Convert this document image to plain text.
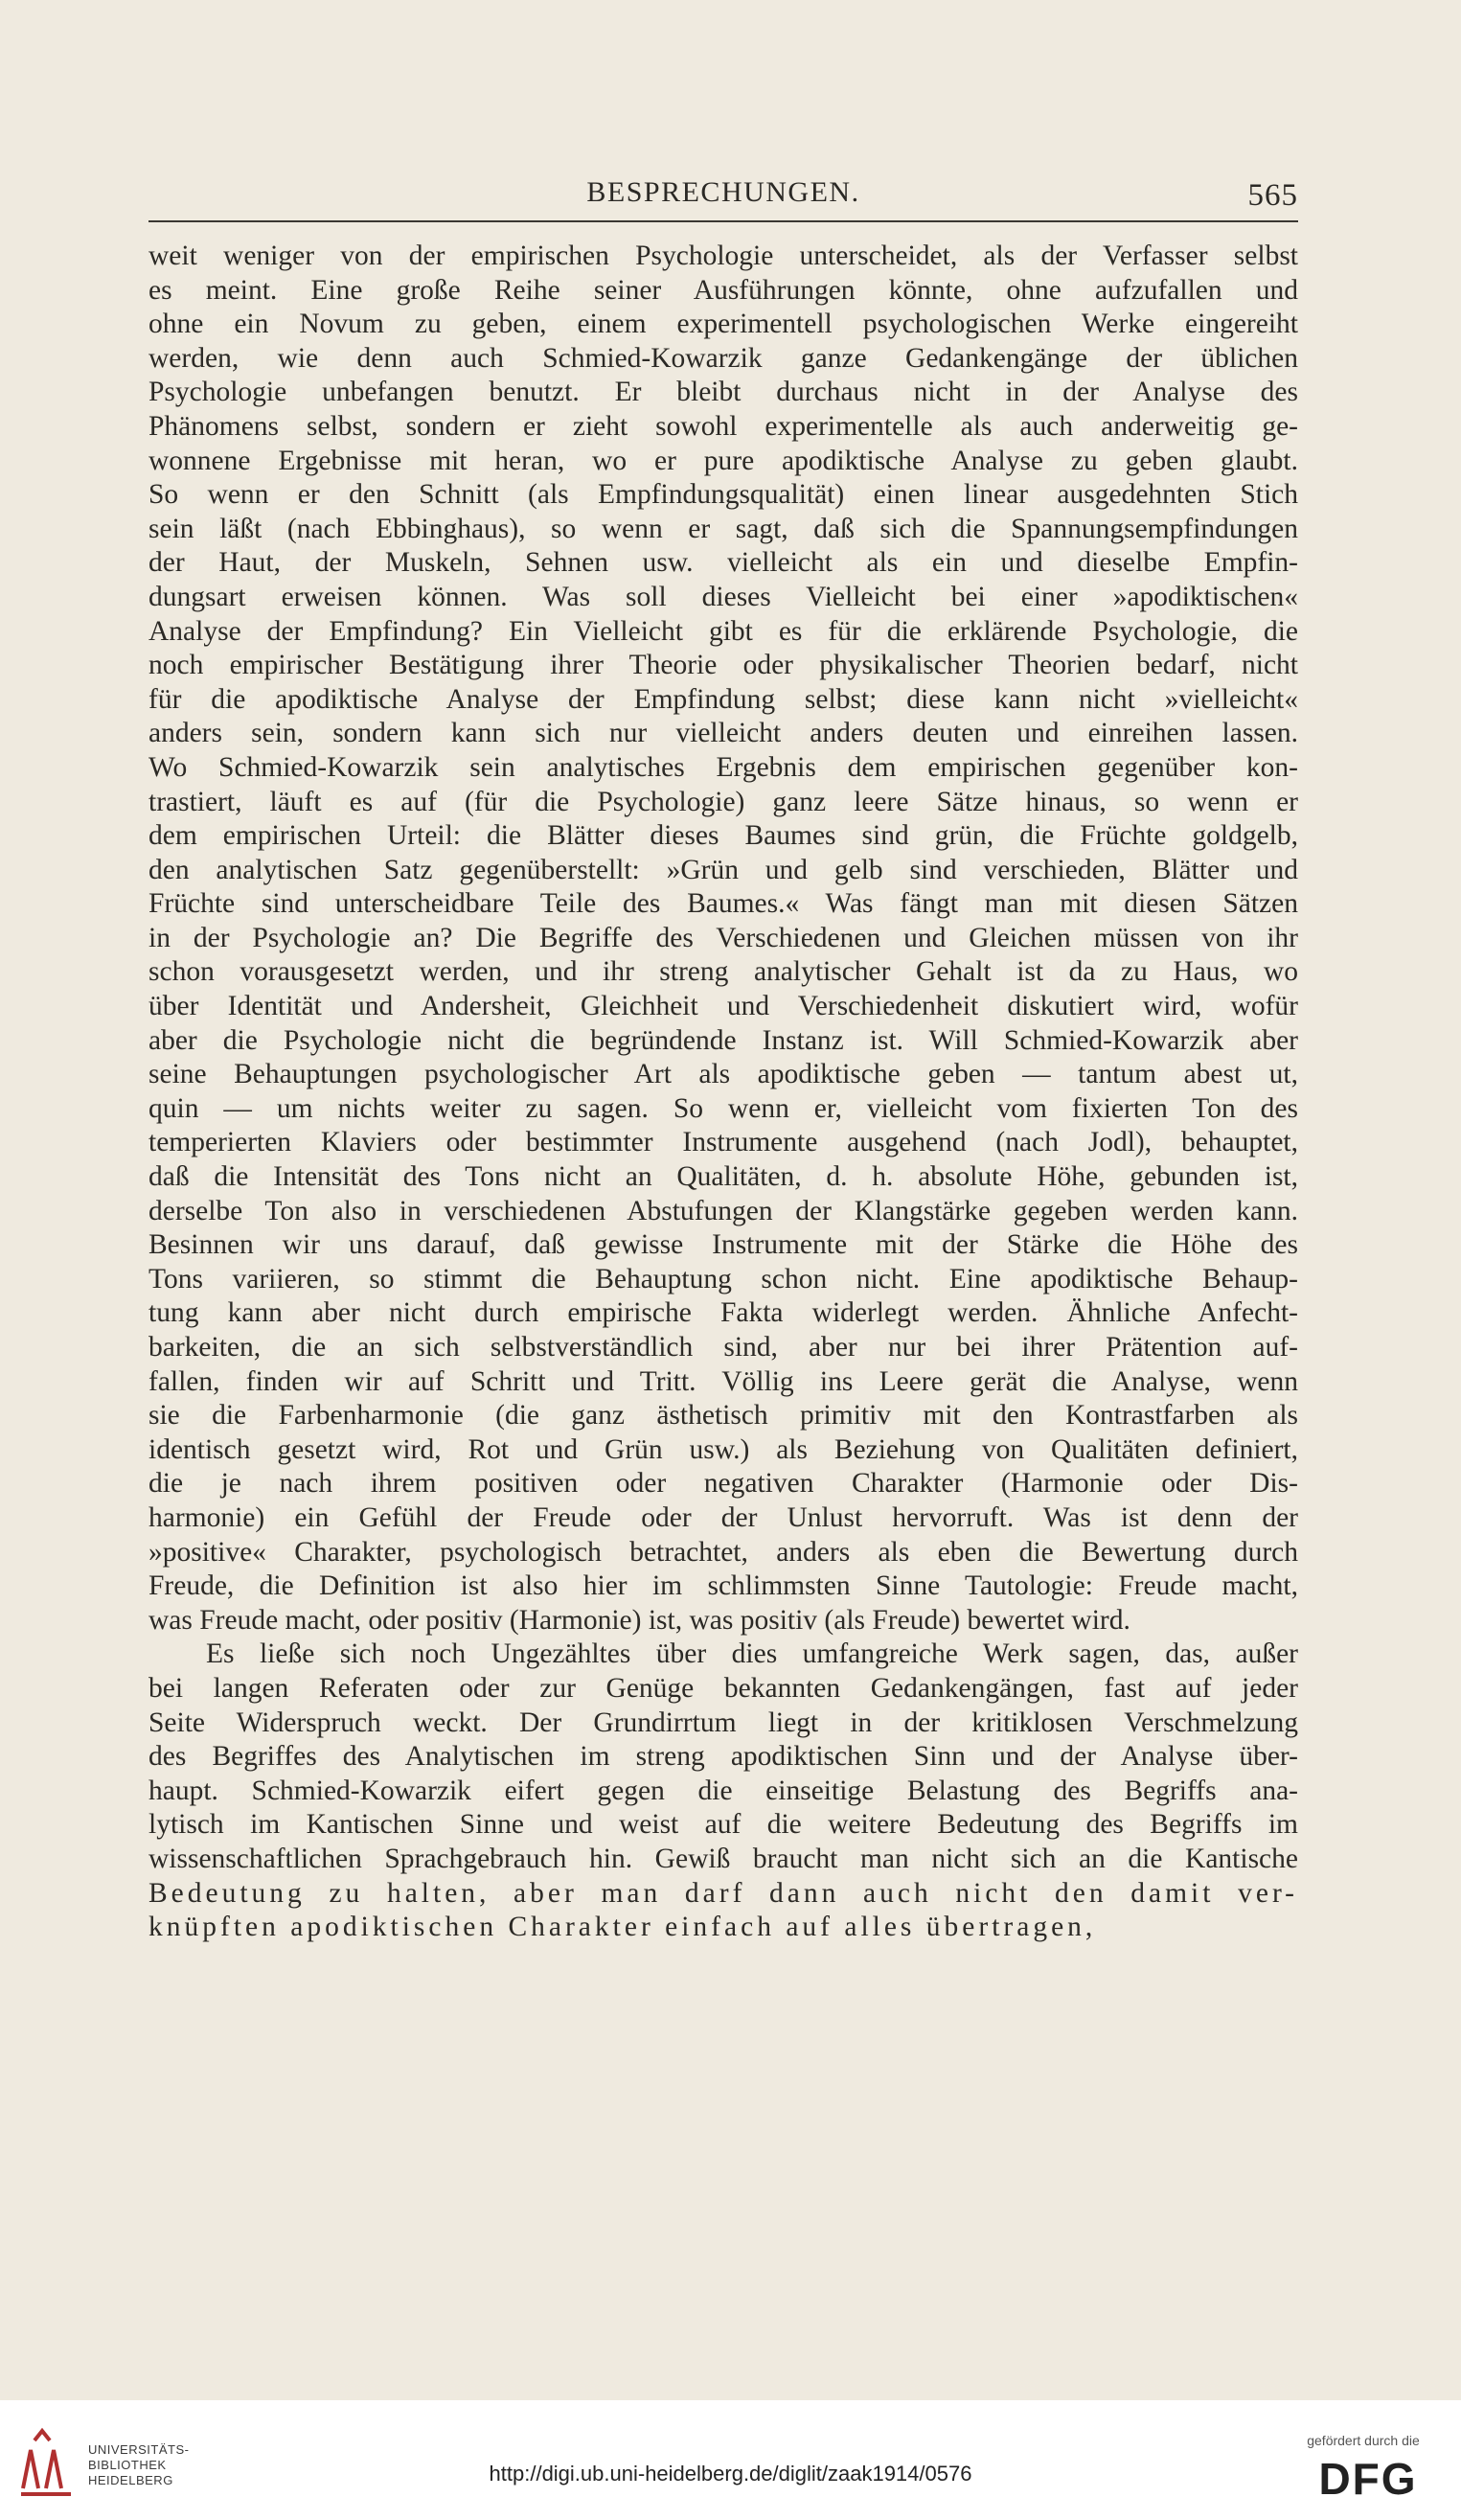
BESPRECHUNGEN.	565
weit weniger von der empirischen Psychologie unterscheidet, als der Verfasser selbst
es meint. Eine große Reihe seiner Ausführungen könnte, ohne aufzufallen und
ohne ein Novum zu geben, einem experimentell psychologischen Werke eingereiht
werden, wie denn auch Schmied-Kowarzik ganze Gedankengänge der üblichen
Psychologie unbefangen benutzt. Er bleibt durchaus nicht in der Analyse des
Phänomens selbst, sondern er zieht sowohl experimentelle als auch anderweitig ge-
wonnene Ergebnisse mit heran, wo er pure apodiktische Analyse zu geben glaubt.
So wenn er den Schnitt (als Empfindungsqualität) einen linear ausgedehnten Stich
sein läßt (nach Ebbinghaus), so wenn er sagt, daß sich die Spannungsempfindungen
der Haut, der Muskeln, Sehnen usw. vielleicht als ein und dieselbe Empfin-
dungsart erweisen können. Was soll dieses Vielleicht bei einer »apodiktischen«
Analyse der Empfindung? Ein Vielleicht gibt es für die erklärende Psychologie, die
noch empirischer Bestätigung ihrer Theorie oder physikalischer Theorien bedarf, nicht
für die apodiktische Analyse der Empfindung selbst; diese kann nicht »vielleicht«
anders sein, sondern kann sich nur vielleicht anders deuten und einreihen lassen.
Wo Schmied-Kowarzik sein analytisches Ergebnis dem empirischen gegenüber kon-
trastiert, läuft es auf (für die Psychologie) ganz leere Sätze hinaus, so wenn er
dem empirischen Urteil: die Blätter dieses Baumes sind grün, die Früchte goldgelb,
den analytischen Satz gegenüberstellt: »Grün und gelb sind verschieden, Blätter und
Früchte sind unterscheidbare Teile des Baumes.« Was fängt man mit diesen Sätzen
in der Psychologie an? Die Begriffe des Verschiedenen und Gleichen müssen von ihr
schon vorausgesetzt werden, und ihr streng analytischer Gehalt ist da zu Haus, wo
über Identität und Andersheit, Gleichheit und Verschiedenheit diskutiert wird, wofür
aber die Psychologie nicht die begründende Instanz ist. Will Schmied-Kowarzik aber
seine Behauptungen psychologischer Art als apodiktische geben — tantum abest ut,
quin — um nichts weiter zu sagen. So wenn er, vielleicht vom fixierten Ton des
temperierten Klaviers oder bestimmter Instrumente ausgehend (nach Jodl), behauptet,
daß die Intensität des Tons nicht an Qualitäten, d. h. absolute Höhe, gebunden ist,
derselbe Ton also in verschiedenen Abstufungen der Klangstärke gegeben werden kann.
Besinnen wir uns darauf, daß gewisse Instrumente mit der Stärke die Höhe des
Tons variieren, so stimmt die Behauptung schon nicht. Eine apodiktische Behaup-
tung kann aber nicht durch empirische Fakta widerlegt werden. Ähnliche Anfecht-
barkeiten, die an sich selbstverständlich sind, aber nur bei ihrer Prätention auf-
fallen, finden wir auf Schritt und Tritt. Völlig ins Leere gerät die Analyse, wenn
sie die Farbenharmonie (die ganz ästhetisch primitiv mit den Kontrastfarben als
identisch gesetzt wird, Rot und Grün usw.) als Beziehung von Qualitäten definiert,
die je nach ihrem positiven oder negativen Charakter (Harmonie oder Dis-
harmonie) ein Gefühl der Freude oder der Unlust hervorruft. Was ist denn der
»positive« Charakter, psychologisch betrachtet, anders als eben die Bewertung durch
Freude, die Definition ist also hier im schlimmsten Sinne Tautologie: Freude macht,
was Freude macht, oder positiv (Harmonie) ist, was positiv (als Freude) bewertet wird.
Es ließe sich noch Ungezähltes über dies umfangreiche Werk sagen, das, außer
bei langen Referaten oder zur Genüge bekannten Gedankengängen, fast auf jeder
Seite Widerspruch weckt. Der Grundirrtum liegt in der kritiklosen Verschmelzung
des Begriffes des Analytischen im streng apodiktischen Sinn und der Analyse über-
haupt. Schmied-Kowarzik eifert gegen die einseitige Belastung des Begriffs ana-
lytisch im Kantischen Sinne und weist auf die weitere Bedeutung des Begriffs im
wissenschaftlichen Sprachgebrauch hin. Gewiß braucht man nicht sich an die Kantische
Bedeutung zu halten, aber man darf dann auch nicht den damit ver-
knüpften apodiktischen Charakter einfach auf alles übertragen,
UNIVERSITÄTS-
BIBLIOTHEK
HEIDELBERG	http://digi.ub.uni-heidelberg.de/diglit/zaak1914/0576
gefördert durch die
DFG
